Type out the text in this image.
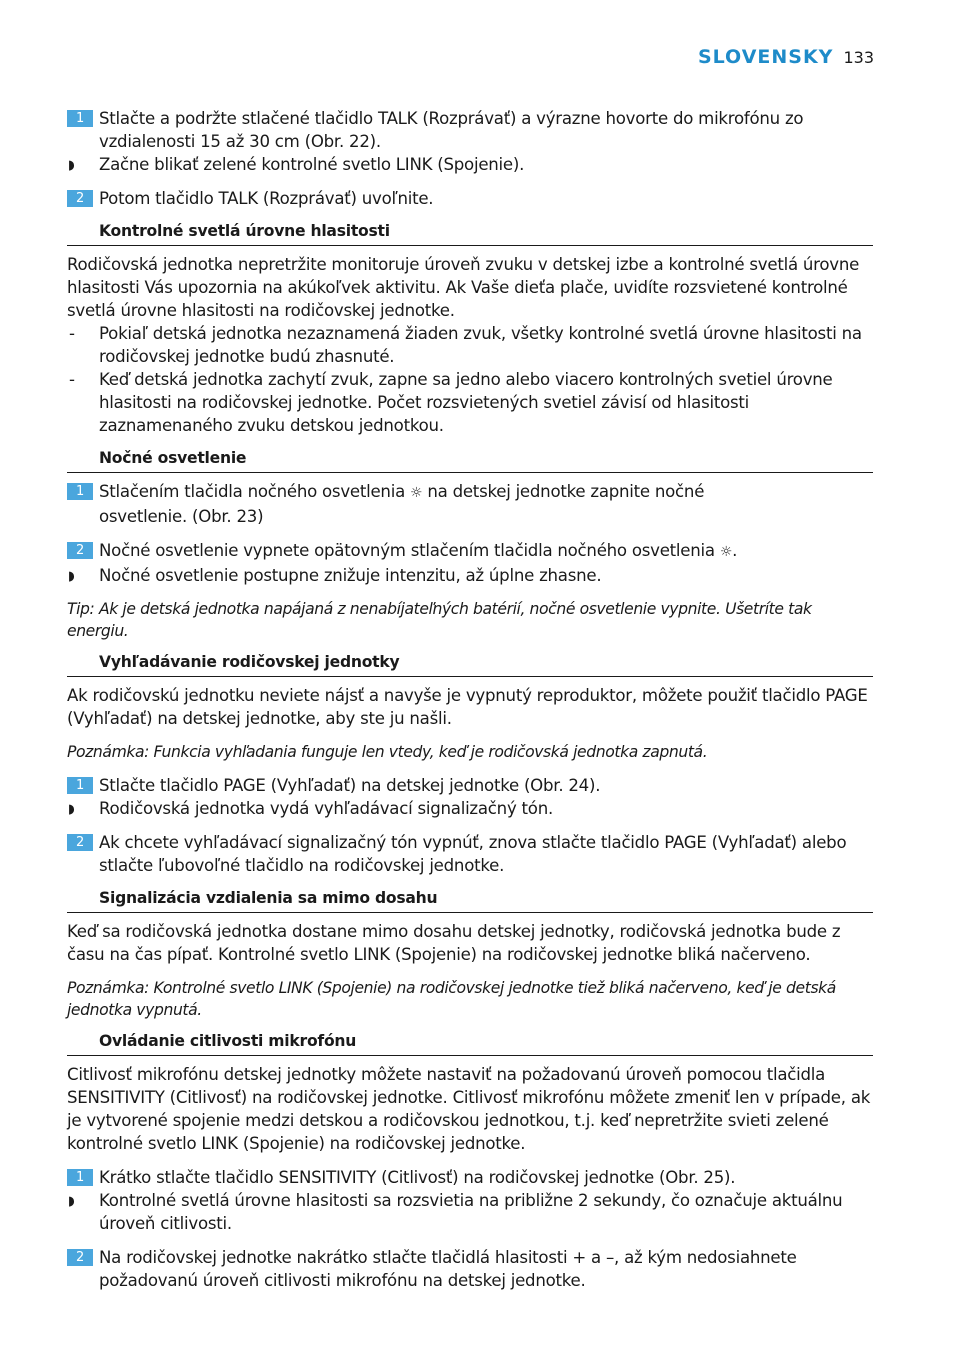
SLOVENSKY 133
1 Stlačte a podržte stlačené tlačidlo TALK (Rozprávať) a výrazne hovorte do mikrofónu zo vzdialenosti 15 až 30 cm (Obr. 22).
◗ Začne blikať zelené kontrolné svetlo LINK (Spojenie).
2 Potom tlačidlo TALK (Rozprávať) uvoľnite.
Kontrolné svetlá úrovne hlasitosti
Rodičovská jednotka nepretržite monitoruje úroveň zvuku v detskej izbe a kontrolné svetlá úrovne hlasitosti Vás upozornia na akúkoľvek aktivitu. Ak Vaše dieťa plače, uvidíte rozsvietené kontrolné svetlá úrovne hlasitosti na rodičovskej jednotke.
- Pokiaľ detská jednotka nezaznamená žiaden zvuk, všetky kontrolné svetlá úrovne hlasitosti na rodičovskej jednotke budú zhasnuté.
- Keď detská jednotka zachytí zvuk, zapne sa jedno alebo viacero kontrolných svetiel úrovne hlasitosti na rodičovskej jednotke. Počet rozsvietených svetiel závisí od hlasitosti zaznamenaného zvuku detskou jednotkou.
Nočné osvetlenie
1 Stlačením tlačidla nočného osvetlenia ☼ na detskej jednotke zapnite nočné
osvetlenie. (Obr. 23)
2 Nočné osvetlenie vypnete opätovným stlačením tlačidla nočného osvetlenia ☼.
◗ Nočné osvetlenie postupne znižuje intenzitu, až úplne zhasne.
Tip: Ak je detská jednotka napájaná z nenabíjateľných batérií, nočné osvetlenie vypnite. Ušetríte tak energiu.
Vyhľadávanie rodičovskej jednotky
Ak rodičovskú jednotku neviete nájsť a navyše je vypnutý reproduktor, môžete použiť tlačidlo PAGE (Vyhľadať) na detskej jednotke, aby ste ju našli.
Poznámka: Funkcia vyhľadania funguje len vtedy, keď je rodičovská jednotka zapnutá.
1 Stlačte tlačidlo PAGE (Vyhľadať) na detskej jednotke (Obr. 24).
◗ Rodičovská jednotka vydá vyhľadávací signalizačný tón.
2 Ak chcete vyhľadávací signalizačný tón vypnúť, znova stlačte tlačidlo PAGE (Vyhľadať) alebo stlačte ľubovoľné tlačidlo na rodičovskej jednotke.
Signalizácia vzdialenia sa mimo dosahu
Keď sa rodičovská jednotka dostane mimo dosahu detskej jednotky, rodičovská jednotka bude z času na čas pípať. Kontrolné svetlo LINK (Spojenie) na rodičovskej jednotke bliká načerveno.
Poznámka: Kontrolné svetlo LINK (Spojenie) na rodičovskej jednotke tiež bliká načerveno, keď je detská jednotka vypnutá.
Ovládanie citlivosti mikrofónu
Citlivosť mikrofónu detskej jednotky môžete nastaviť na požadovanú úroveň pomocou tlačidla SENSITIVITY (Citlivosť) na rodičovskej jednotke. Citlivosť mikrofónu môžete zmeniť len v prípade, ak je vytvorené spojenie medzi detskou a rodičovskou jednotkou, t.j. keď nepretržite svieti zelené kontrolné svetlo LINK (Spojenie) na rodičovskej jednotke.
1 Krátko stlačte tlačidlo SENSITIVITY (Citlivosť) na rodičovskej jednotke (Obr. 25).
◗ Kontrolné svetlá úrovne hlasitosti sa rozsvietia na približne 2 sekundy, čo označuje aktuálnu úroveň citlivosti.
2 Na rodičovskej jednotke nakrátko stlačte tlačidlá hlasitosti + a –, až kým nedosiahnete požadovanú úroveň citlivosti mikrofónu na detskej jednotke.
